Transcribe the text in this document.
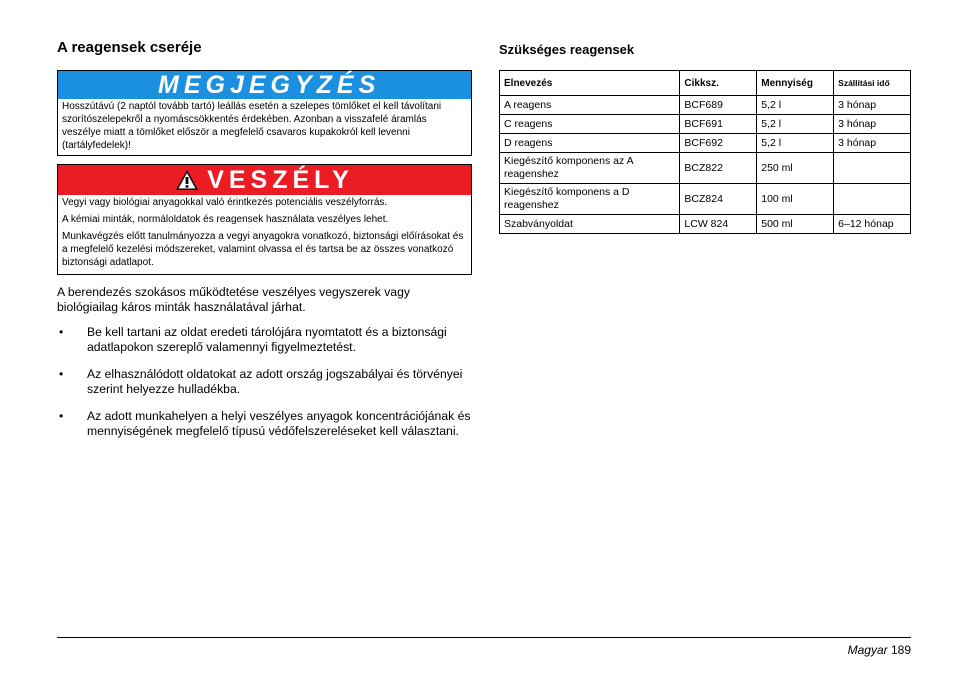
A reagensek cseréje
MEGJEGYZÉS
Hosszútávú (2 naptól tovább tartó) leállás esetén a szelepes tömlőket el kell távolítani szorítószelepekről a nyomáscsökkentés érdekében. Azonban a visszafelé áramlás veszélye miatt a tömlőket először a megfelelő csavaros kupakokról kell levenni (tartályfedelek)!
VESZÉLY

Vegyi vagy biológiai anyagokkal való érintkezés potenciális veszélyforrás.

A kémiai minták, normáloldatok és reagensek használata veszélyes lehet.

Munkavégzés előtt tanulmányozza a vegyi anyagokra vonatkozó, biztonsági előírásokat és a megfelelő kezelési módszereket, valamint olvassa el és tartsa be az összes vonatkozó biztonsági adatlapot.

A berendezés szokásos működtetése veszélyes vegyszerek vagy biológiailag káros minták használatával járhat.

• Be kell tartani az oldat eredeti tárolójára nyomtatott és a biztonsági adatlapokon szereplő valamennyi figyelmeztetést.
• Az elhasználódott oldatokat az adott ország jogszabályai és törvényei szerint helyezze hulladékba.
• Az adott munkahelyen a helyi veszélyes anyagok koncentrációjának és mennyiségének megfelelő típusú védőfelszereléseket kell választani.
Szükséges reagensek
Elnevezés	Cikksz.	Mennyiség	Szállítási idő
A reagens	BCF689	5,2 l	3 hónap
C reagens	BCF691	5,2 l	3 hónap
D reagens	BCF692	5,2 l	3 hónap
Kiegészítő komponens az A reagenshez	BCZ822	250 ml	
Kiegészítő komponens a D reagenshez	BCZ824	100 ml	
Szabványoldat	LCW 824	500 ml	6–12 hónap
Magyar 189
